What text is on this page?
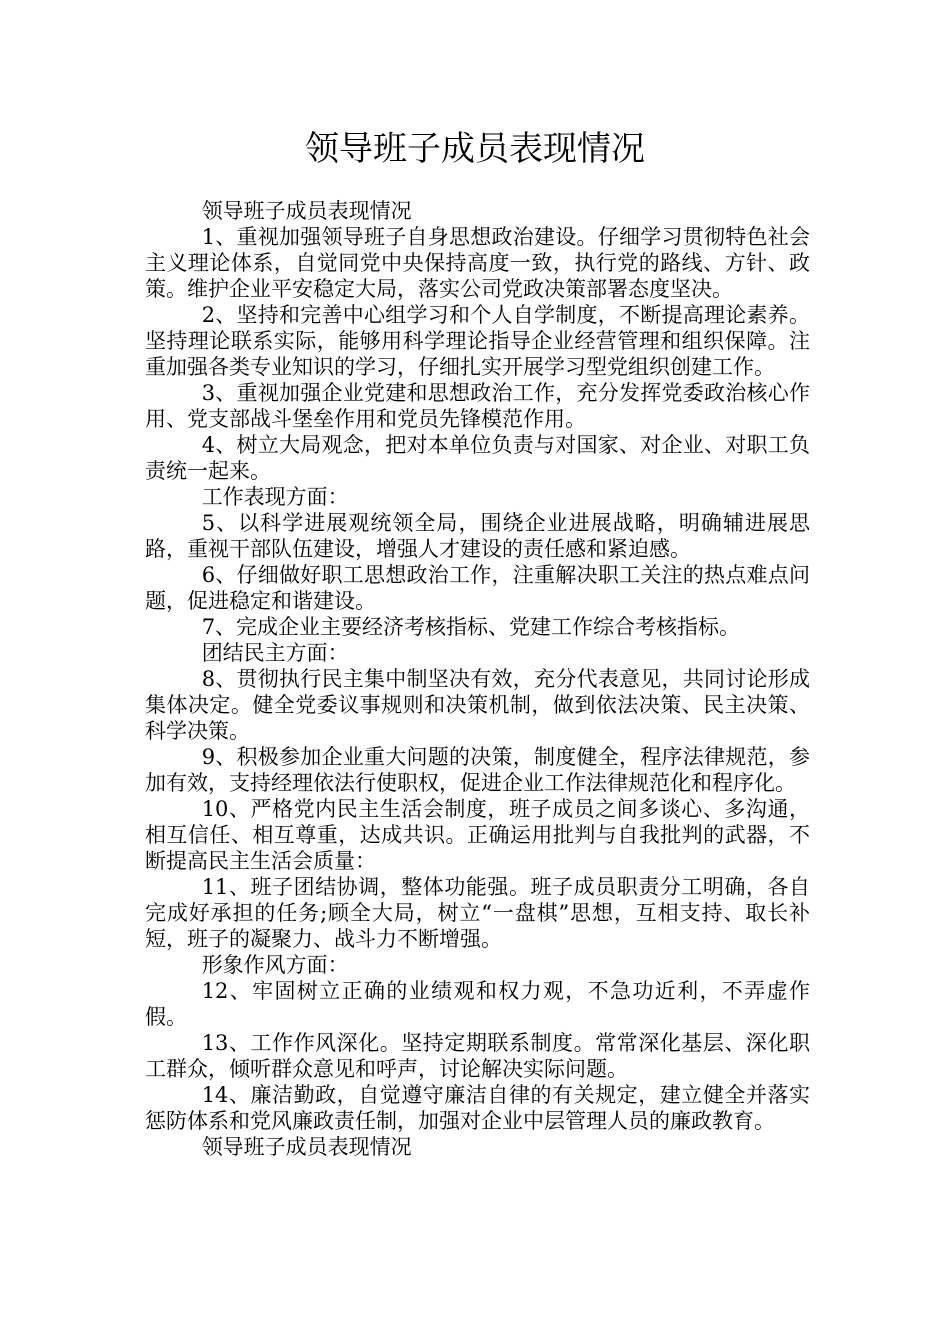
领导班子成员表现情况

领导班子成员表现情况

1、重视加强领导班子自身思想政治建设。仔细学习贯彻特色社会主义理论体系，自觉同党中央保持高度一致，执行党的路线、方针、政策。维护企业平安稳定大局，落实公司党政决策部署态度坚决。

2、坚持和完善中心组学习和个人自学制度，不断提高理论素养。坚持理论联系实际，能够用科学理论指导企业经营管理和组织保障。注重加强各类专业知识的学习，仔细扎实开展学习型党组织创建工作。

3、重视加强企业党建和思想政治工作，充分发挥党委政治核心作用、党支部战斗堡垒作用和党员先锋模范作用。

4、树立大局观念，把对本单位负责与对国家、对企业、对职工负责统一起来。

工作表现方面：

5、以科学进展观统领全局，围绕企业进展战略，明确辅进展思路，重视干部队伍建设，增强人才建设的责任感和紧迫感。

6、仔细做好职工思想政治工作，注重解决职工关注的热点难点问题，促进稳定和谐建设。

7、完成企业主要经济考核指标、党建工作综合考核指标。

团结民主方面：

8、贯彻执行民主集中制坚决有效，充分代表意见，共同讨论形成集体决定。健全党委议事规则和决策机制，做到依法决策、民主决策、科学决策。

9、积极参加企业重大问题的决策，制度健全，程序法律规范，参加有效，支持经理依法行使职权，促进企业工作法律规范化和程序化。

10、严格党内民主生活会制度，班子成员之间多谈心、多沟通，相互信任、相互尊重，达成共识。正确运用批判与自我批判的武器，不断提高民主生活会质量：

11、班子团结协调，整体功能强。班子成员职责分工明确，各自完成好承担的任务;顾全大局，树立“一盘棋”思想，互相支持、取长补短，班子的凝聚力、战斗力不断增强。

形象作风方面：

12、牢固树立正确的业绩观和权力观，不急功近利，不弄虚作假。

13、工作作风深化。坚持定期联系制度。常常深化基层、深化职工群众，倾听群众意见和呼声，讨论解决实际问题。

14、廉洁勤政，自觉遵守廉洁自律的有关规定，建立健全并落实惩防体系和党风廉政责任制，加强对企业中层管理人员的廉政教育。

领导班子成员表现情况
